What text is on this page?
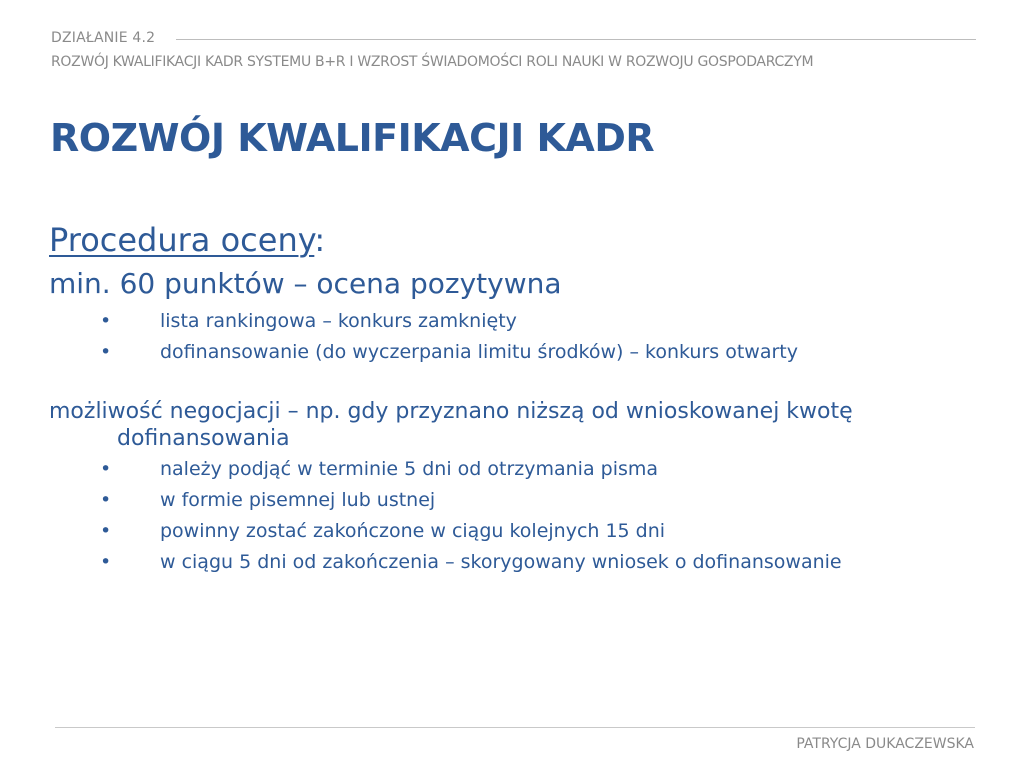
DZIAŁANIE 4.2
ROZWÓJ KWALIFIKACJI KADR SYSTEMU B+R I WZROST ŚWIADOMOŚCI ROLI NAUKI W ROZWOJU GOSPODARCZYM
ROZWÓJ KWALIFIKACJI KADR

Procedura oceny:

min. 60 punktów – ocena pozytywna

•	lista rankingowa – konkurs zamknięty
•	dofinansowanie (do wyczerpania limitu środków) – konkurs otwarty

możliwość negocjacji – np. gdy przyznano niższą od wnioskowanej kwotę
dofinansowania

•	należy podjąć w terminie 5 dni od otrzymania pisma
•	w formie pisemnej lub ustnej
•	powinny zostać zakończone w ciągu kolejnych 15 dni
•	w ciągu 5 dni od zakończenia – skorygowany wniosek o dofinansowanie
PATRYCJA DUKACZEWSKA
